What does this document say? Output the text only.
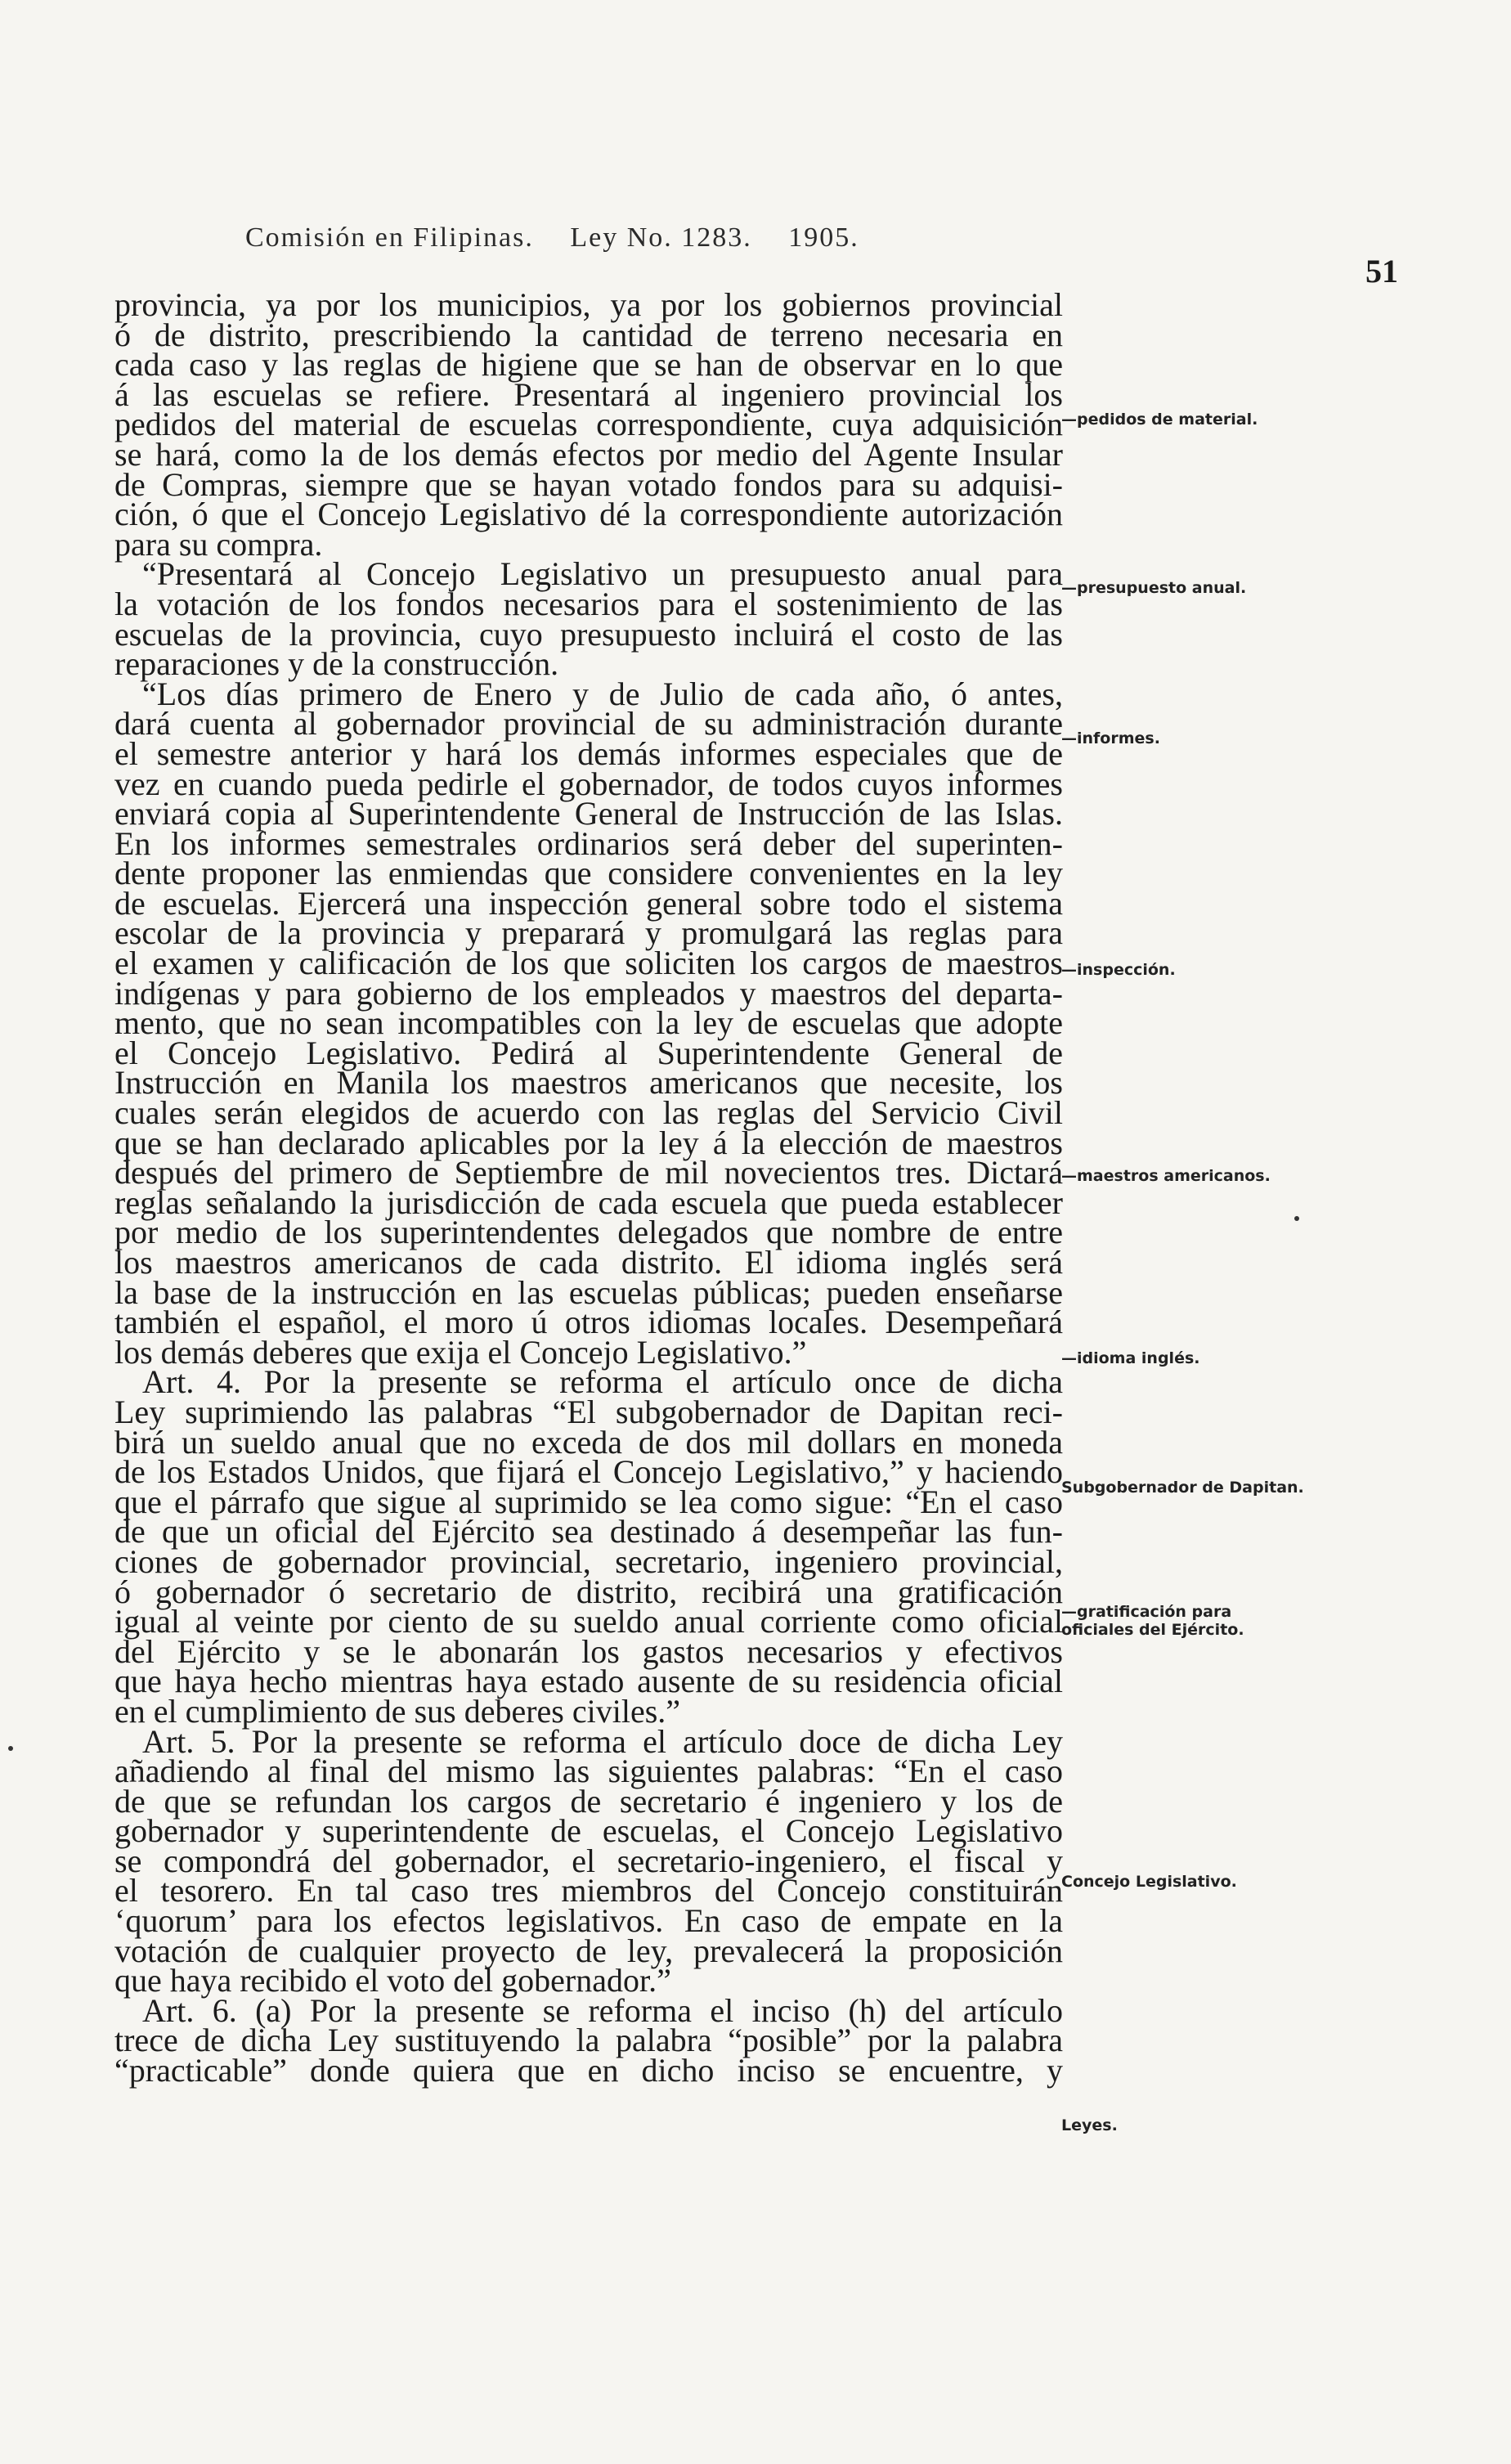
Comisión en Filipinas. Ley No. 1283. 1905.
51
provincia, ya por los municipios, ya por los gobiernos provincial
ó de distrito, prescribiendo la cantidad de terreno necesaria en
cada caso y las reglas de higiene que se han de observar en lo que
á las escuelas se refiere. Presentará al ingeniero provincial los
pedidos del material de escuelas correspondiente, cuya adquisición
se hará, como la de los demás efectos por medio del Agente Insular
de Compras, siempre que se hayan votado fondos para su adquisi-
ción, ó que el Concejo Legislativo dé la correspondiente autorización
para su compra.
“Presentará al Concejo Legislativo un presupuesto anual para
la votación de los fondos necesarios para el sostenimiento de las
escuelas de la provincia, cuyo presupuesto incluirá el costo de las
reparaciones y de la construcción.
“Los días primero de Enero y de Julio de cada año, ó antes,
dará cuenta al gobernador provincial de su administración durante
el semestre anterior y hará los demás informes especiales que de
vez en cuando pueda pedirle el gobernador, de todos cuyos informes
enviará copia al Superintendente General de Instrucción de las Islas.
En los informes semestrales ordinarios será deber del superinten-
dente proponer las enmiendas que considere convenientes en la ley
de escuelas. Ejercerá una inspección general sobre todo el sistema
escolar de la provincia y preparará y promulgará las reglas para
el examen y calificación de los que soliciten los cargos de maestros
indígenas y para gobierno de los empleados y maestros del departa-
mento, que no sean incompatibles con la ley de escuelas que adopte
el Concejo Legislativo. Pedirá al Superintendente General de
Instrucción en Manila los maestros americanos que necesite, los
cuales serán elegidos de acuerdo con las reglas del Servicio Civil
que se han declarado aplicables por la ley á la elección de maestros
después del primero de Septiembre de mil novecientos tres. Dictará
reglas señalando la jurisdicción de cada escuela que pueda establecer
por medio de los superintendentes delegados que nombre de entre
los maestros americanos de cada distrito. El idioma inglés será
la base de la instrucción en las escuelas públicas; pueden enseñarse
también el español, el moro ú otros idiomas locales. Desempeñará
los demás deberes que exija el Concejo Legislativo.”
Art. 4. Por la presente se reforma el artículo once de dicha
Ley suprimiendo las palabras “El subgobernador de Dapitan reci-
birá un sueldo anual que no exceda de dos mil dollars en moneda
de los Estados Unidos, que fijará el Concejo Legislativo,” y haciendo
que el párrafo que sigue al suprimido se lea como sigue: “En el caso
de que un oficial del Ejército sea destinado á desempeñar las fun-
ciones de gobernador provincial, secretario, ingeniero provincial,
ó gobernador ó secretario de distrito, recibirá una gratificación
igual al veinte por ciento de su sueldo anual corriente como oficial
del Ejército y se le abonarán los gastos necesarios y efectivos
que haya hecho mientras haya estado ausente de su residencia oficial
en el cumplimiento de sus deberes civiles.”
Art. 5. Por la presente se reforma el artículo doce de dicha Ley
añadiendo al final del mismo las siguientes palabras: “En el caso
de que se refundan los cargos de secretario é ingeniero y los de
gobernador y superintendente de escuelas, el Concejo Legislativo
se compondrá del gobernador, el secretario-ingeniero, el fiscal y
el tesorero. En tal caso tres miembros del Concejo constituirán
‘quorum’ para los efectos legislativos. En caso de empate en la
votación de cualquier proyecto de ley, prevalecerá la proposición
que haya recibido el voto del gobernador.”
Art. 6. (a) Por la presente se reforma el inciso (h) del artículo
trece de dicha Ley sustituyendo la palabra “posible” por la palabra
“practicable” donde quiera que en dicho inciso se encuentre, y
—pedidos de material.
—presupuesto anual.
—informes.
—inspección.
—maestros americanos.
—idioma inglés.
Subgobernador de Dapitan.
—gratificación para oficiales del Ejército.
Concejo Legislativo.
Leyes.
